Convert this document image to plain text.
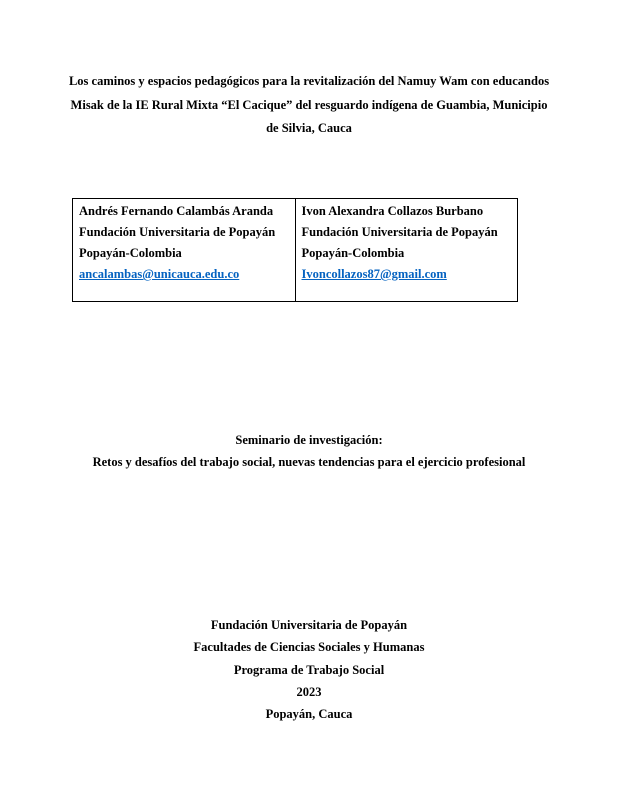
Los caminos y espacios pedagógicos para la revitalización del Namuy Wam con educandos

Misak de la IE Rural Mixta “El Cacique” del resguardo indígena de Guambia, Municipio

de Silvia, Cauca

Andrés Fernando Calambás Aranda

Fundación Universitaria de Popayán

Popayán-Colombia

ancalambas@unicauca.edu.co

Ivon Alexandra Collazos Burbano

Fundación Universitaria de Popayán

Popayán-Colombia

Ivoncollazos87@gmail.com

Seminario de investigación:

Retos y desafíos del trabajo social, nuevas tendencias para el ejercicio profesional

Fundación Universitaria de Popayán

Facultades de Ciencias Sociales y Humanas

Programa de Trabajo Social

2023

Popayán, Cauca
